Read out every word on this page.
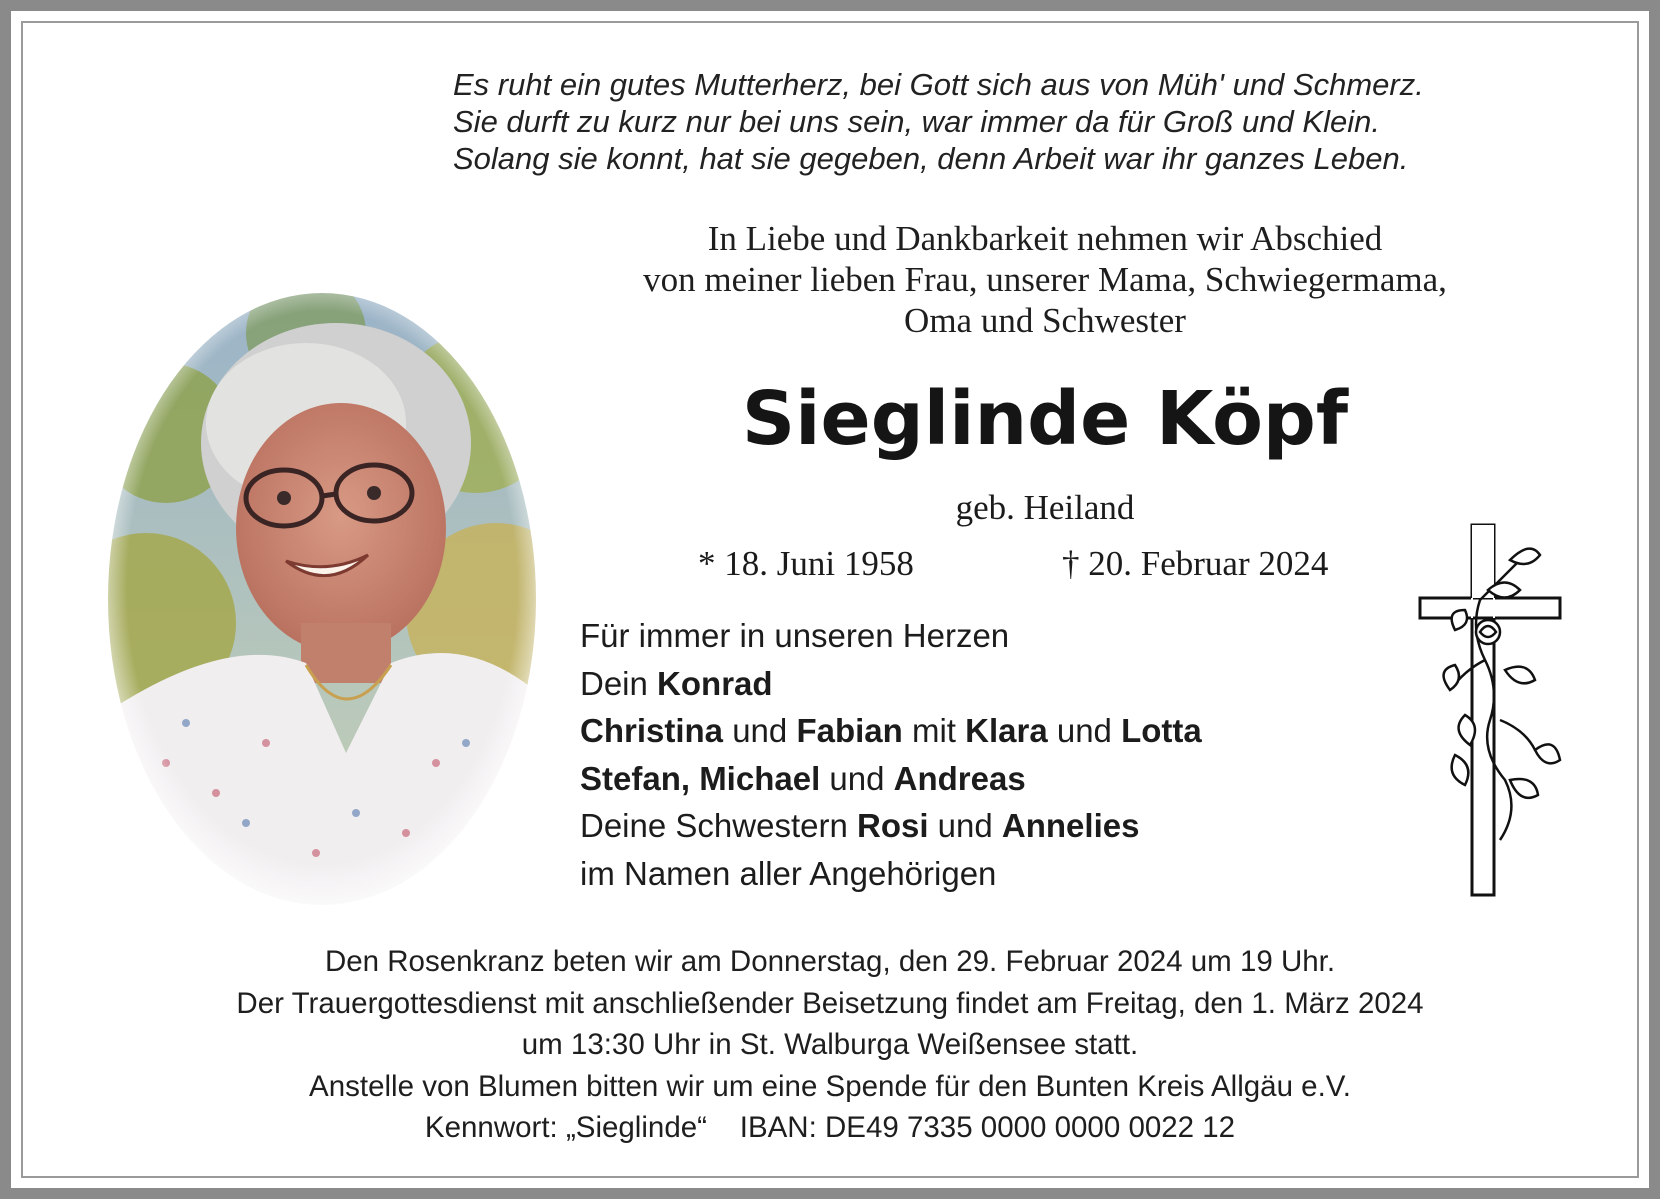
Es ruht ein gutes Mutterherz, bei Gott sich aus von Müh' und Schmerz.
Sie durft zu kurz nur bei uns sein, war immer da für Groß und Klein.
Solang sie konnt, hat sie gegeben, denn Arbeit war ihr ganzes Leben.
In Liebe und Dankbarkeit nehmen wir Abschied
von meiner lieben Frau, unserer Mama, Schwiegermama,
Oma und Schwester
Sieglinde Köpf
geb. Heiland
* 18. Juni 1958	† 20. Februar 2024
Für immer in unseren Herzen
Dein Konrad
Christina und Fabian mit Klara und Lotta
Stefan, Michael und Andreas
Deine Schwestern Rosi und Annelies
im Namen aller Angehörigen
Den Rosenkranz beten wir am Donnerstag, den 29. Februar 2024 um 19 Uhr.
Der Trauergottesdienst mit anschließender Beisetzung findet am Freitag, den 1. März 2024
um 13:30 Uhr in St. Walburga Weißensee statt.
Anstelle von Blumen bitten wir um eine Spende für den Bunten Kreis Allgäu e.V.
Kennwort: „Sieglinde“    IBAN: DE49 7335 0000 0000 0022 12
